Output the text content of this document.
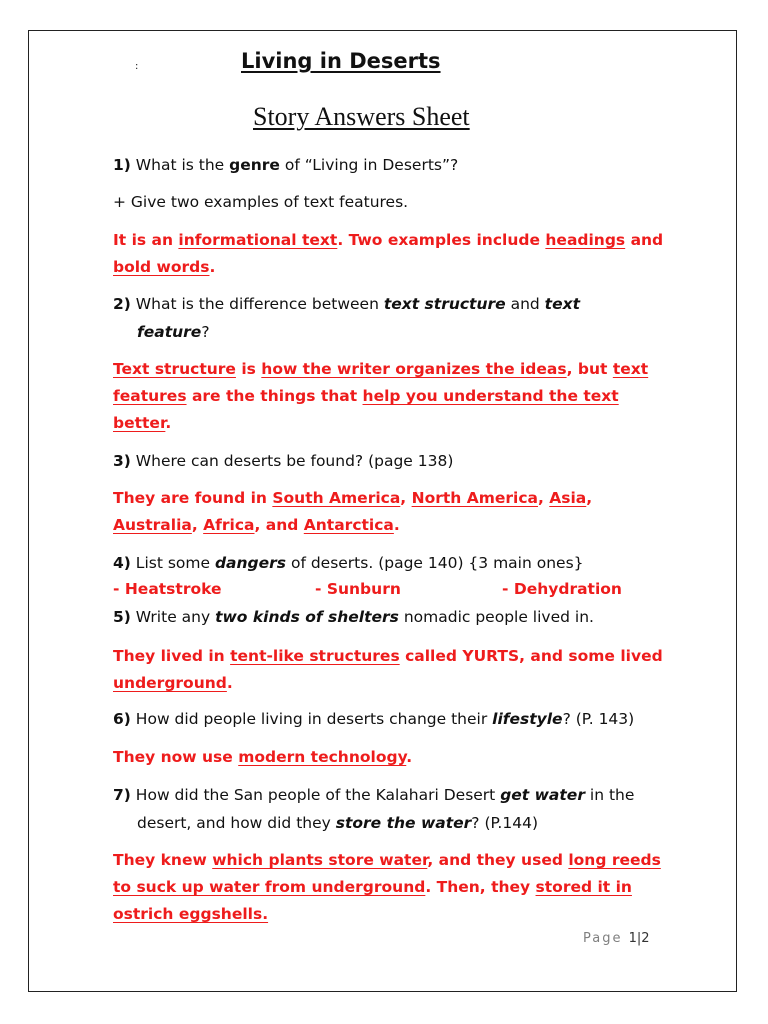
:	Living in Deserts
Story Answers Sheet
1) What is the genre of “Living in Deserts”?
+ Give two examples of text features.
It is an informational text. Two examples include headings and
bold words.
2) What is the difference between text structure and text
feature?
Text structure is how the writer organizes the ideas, but text
features are the things that help you understand the text
better.
3) Where can deserts be found? (page 138)
They are found in South America, North America, Asia,
Australia, Africa, and Antarctica.
4) List some dangers of deserts. (page 140) {3 main ones}
- Heatstroke	- Sunburn	- Dehydration
5) Write any two kinds of shelters nomadic people lived in.
They lived in tent-like structures called YURTS, and some lived
underground.
6) How did people living in deserts change their lifestyle? (P. 143)
They now use modern technology.
7) How did the San people of the Kalahari Desert get water in the
desert, and how did they store the water? (P.144)
They knew which plants store water, and they used long reeds
to suck up water from underground. Then, they stored it in
ostrich eggshells.
Page 1|2
